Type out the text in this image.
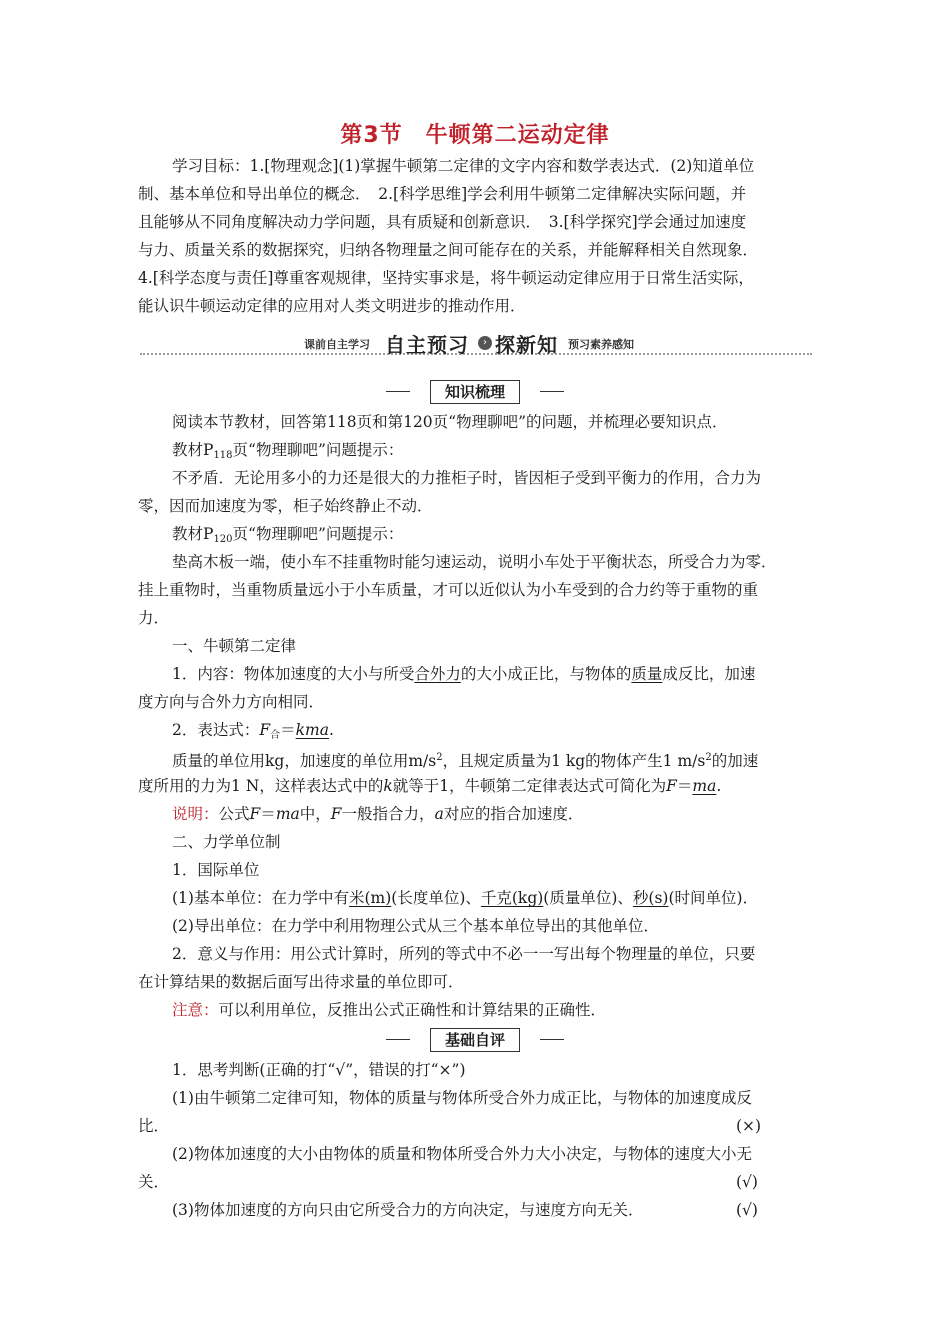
第3节　牛顿第二运动定律
学习目标：1.[物理观念](1)掌握牛顿第二定律的文字内容和数学表达式．(2)知道单位
制、基本单位和导出单位的概念．　2.[科学思维]学会利用牛顿第二定律解决实际问题，并
且能够从不同角度解决动力学问题，具有质疑和创新意识．　3.[科学探究]学会通过加速度
与力、质量关系的数据探究，归纳各物理量之间可能存在的关系，并能解释相关自然现象．
4.[科学态度与责任]尊重客观规律，坚持实事求是，将牛顿运动定律应用于日常生活实际，
能认识牛顿运动定律的应用对人类文明进步的推动作用．
课前自主学习 自主预习	› 探新知 预习素养感知
知识梳理
阅读本节教材，回答第118页和第120页“物理聊吧”的问题，并梳理必要知识点．
教材$P_{118}$页“物理聊吧”问题提示：
不矛盾．无论用多小的力还是很大的力推柜子时，皆因柜子受到平衡力的作用，合力为
零，因而加速度为零，柜子始终静止不动．
教材$P_{120}$页“物理聊吧”问题提示：
垫高木板一端，使小车不挂重物时能匀速运动，说明小车处于平衡状态，所受合力为零．
挂上重物时，当重物质量远小于小车质量，才可以近似认为小车受到的合力约等于重物的重
力．
一、牛顿第二定律
1．内容：物体加速度的大小与所受合外力的大小成正比，与物体的质量成反比，加速
度方向与合外力方向相同．
2．表达式：$F_合=kma$.
质量的单位用kg，加速度的单位用$m/s^2$，且规定质量为1 kg的物体产生1 $m/s^2$的加速
度所用的力为1 N，这样表达式中的k就等于1，牛顿第二定律表达式可简化为F＝ma.
说明：公式F＝ma中，F一般指合力，a对应的指合加速度．
二、力学单位制
1．国际单位
(1)基本单位：在力学中有米(m)(长度单位)、千克(kg)(质量单位)、秒(s)(时间单位)．
(2)导出单位：在力学中利用物理公式从三个基本单位导出的其他单位．
2．意义与作用：用公式计算时，所列的等式中不必一一写出每个物理量的单位，只要
在计算结果的数据后面写出待求量的单位即可．
注意：可以利用单位，反推出公式正确性和计算结果的正确性．
基础自评
1．思考判断(正确的打“√”，错误的打“×”)
(1)由牛顿第二定律可知，物体的质量与物体所受合外力成正比，与物体的加速度成反
比．	(×)
(2)物体加速度的大小由物体的质量和物体所受合外力大小决定，与物体的速度大小无
关．	(√)
(3)物体加速度的方向只由它所受合力的方向决定，与速度方向无关．	(√)
